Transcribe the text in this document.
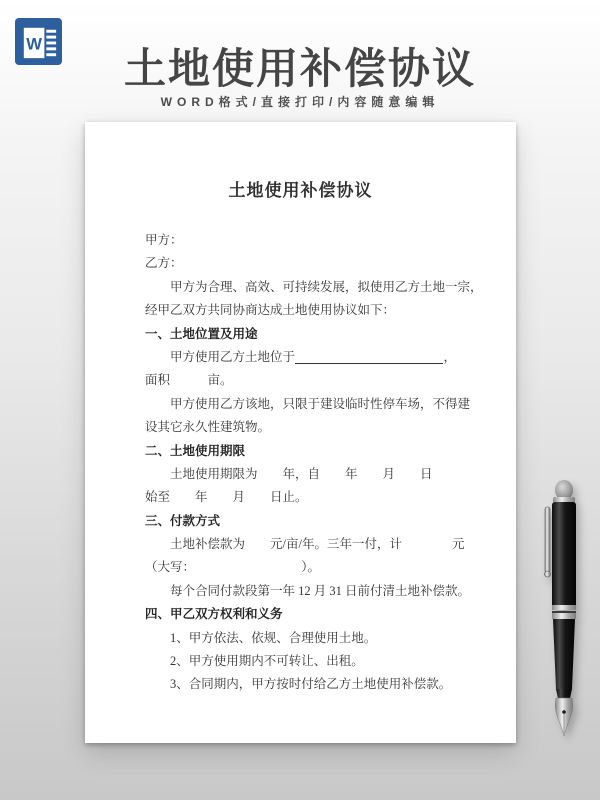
W
土地使用补偿协议
WORD格式/直接打印/内容随意编辑
土地使用补偿协议
甲方：
乙方：
　　甲方为合理、高效、可持续发展，拟使用乙方土地一宗，
经甲乙双方共同协商达成土地使用协议如下：
一、土地位置及用途
　　甲方使用乙方土地位于	，
面积　　　亩。
　　甲方使用乙方该地，只限于建设临时性停车场，不得建
设其它永久性建筑物。
二、土地使用期限
　　土地使用期限为　　年，自　　年　　月　　日
始至　　年　　月　　日止。
三、付款方式
　　土地补偿款为　　元/亩/年。三年一付，计　　　　元
（大写：　　　　　　　　　）。
　　每个合同付款段第一年 12 月 31 日前付清土地补偿款。
四、甲乙双方权利和义务
　　1、甲方依法、依规、合理使用土地。
　　2、甲方使用期内不可转让、出租。
　　3、合同期内，甲方按时付给乙方土地使用补偿款。
